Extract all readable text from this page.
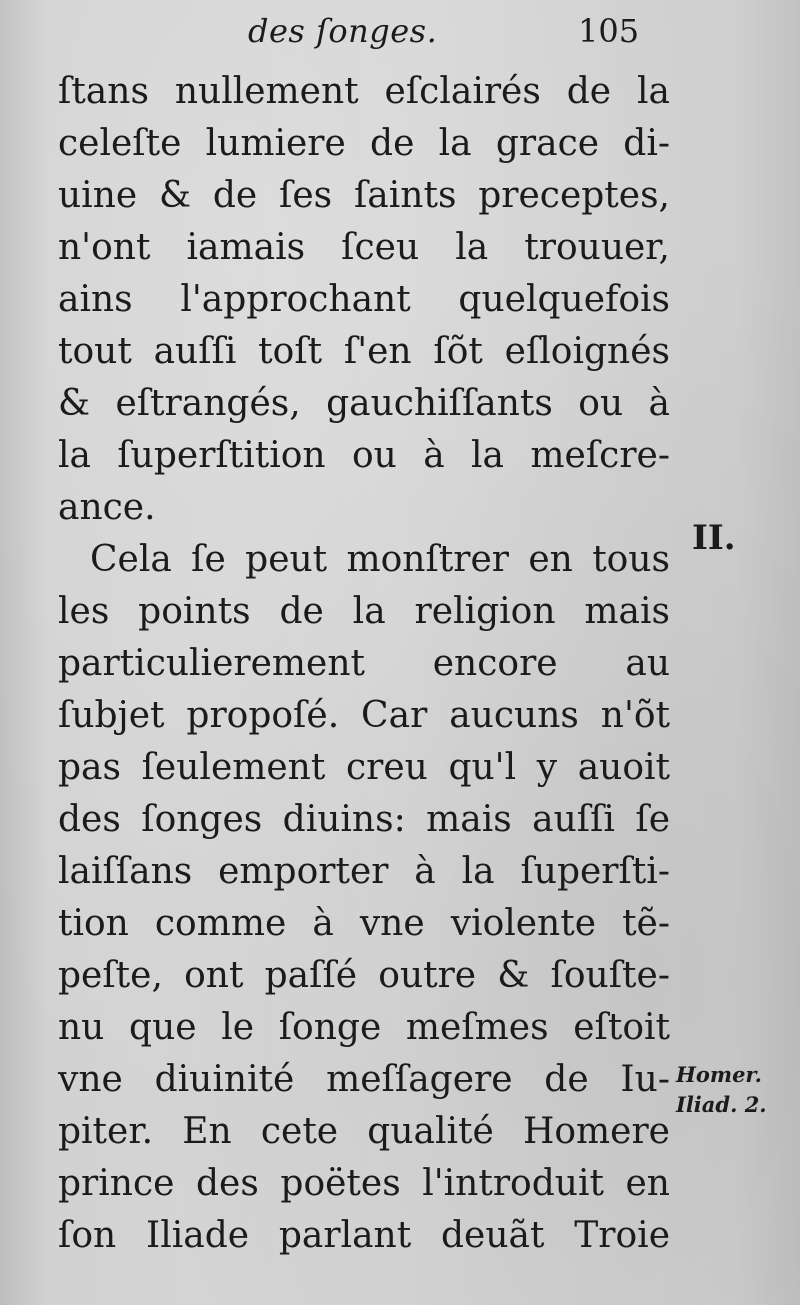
des ſonges.	105
ſtans nullement eſclairés de la
celeſte lumiere de la grace di-
uine & de ſes ſaints preceptes,
n'ont iamais ſceu la trouuer,
ains l'approchant quelquefois
tout auſſi toſt ſ'en ſõt eſloignés
& eſtrangés, gauchiſſants ou à
la ſuperſtition ou à la meſcre-
ance.
Cela ſe peut monſtrer en tous
les points de la religion mais
particulierement encore au
ſubjet propoſé. Car aucuns n'õt
pas ſeulement creu qu'l y auoit
des ſonges diuins: mais auſſi ſe
laiſſans emporter à la ſuperſti-
tion comme à vne violente tẽ-
peſte, ont paſſé outre & ſouſte-
nu que le ſonge meſmes eſtoit
vne diuinité meſſagere de Iu-
piter. En cete qualité Homere
prince des poëtes l'introduit en
ſon Iliade parlant deuãt Troie
II.
Homer.
Iliad. 2.
